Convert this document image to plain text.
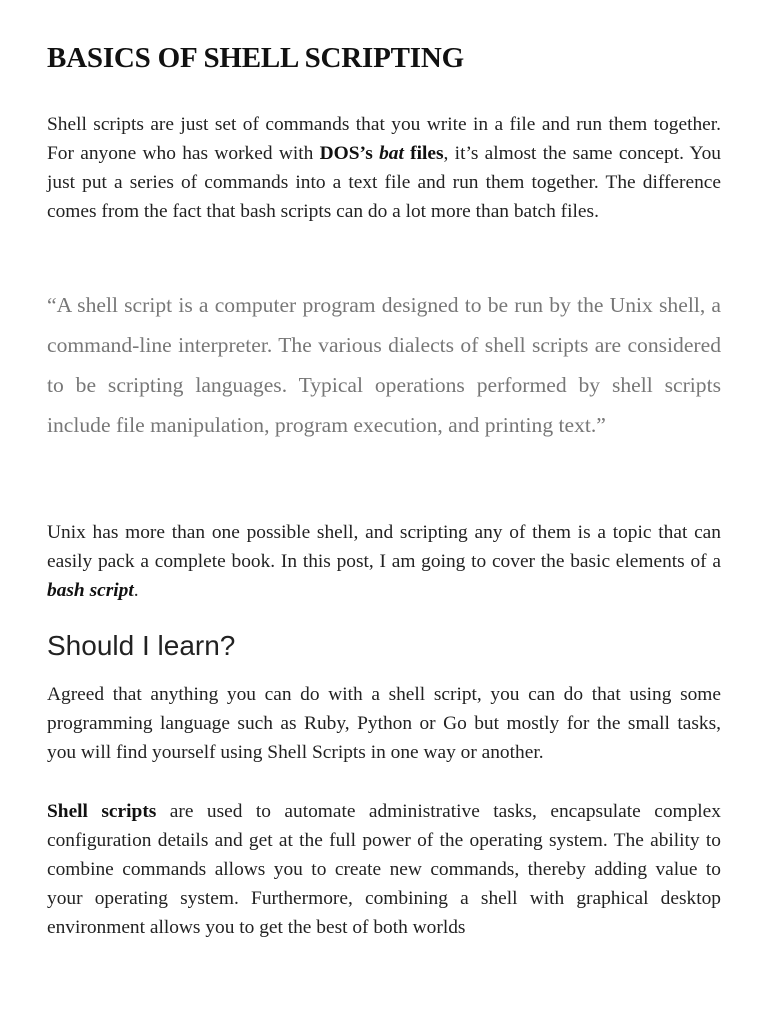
BASICS OF SHELL SCRIPTING

Shell scripts are just set of commands that you write in a file and run them together. For anyone who has worked with DOS’s bat files, it’s almost the same concept. You just put a series of commands into a text file and run them together. The difference comes from the fact that bash scripts can do a lot more than batch files.

“A shell script is a computer program designed to be run by the Unix shell, a command-line interpreter. The various dialects of shell scripts are considered to be scripting languages. Typical operations performed by shell scripts include file manipulation, program execution, and printing text.”

Unix has more than one possible shell, and scripting any of them is a topic that can easily pack a complete book. In this post, I am going to cover the basic elements of a bash script.

Should I learn?

Agreed that anything you can do with a shell script, you can do that using some programming language such as Ruby, Python or Go but mostly for the small tasks, you will find yourself using Shell Scripts in one way or another.

Shell scripts are used to automate administrative tasks, encapsulate complex configuration details and get at the full power of the operating system. The ability to combine commands allows you to create new commands, thereby adding value to your operating system. Furthermore, combining a shell with graphical desktop environment allows you to get the best of both worlds
